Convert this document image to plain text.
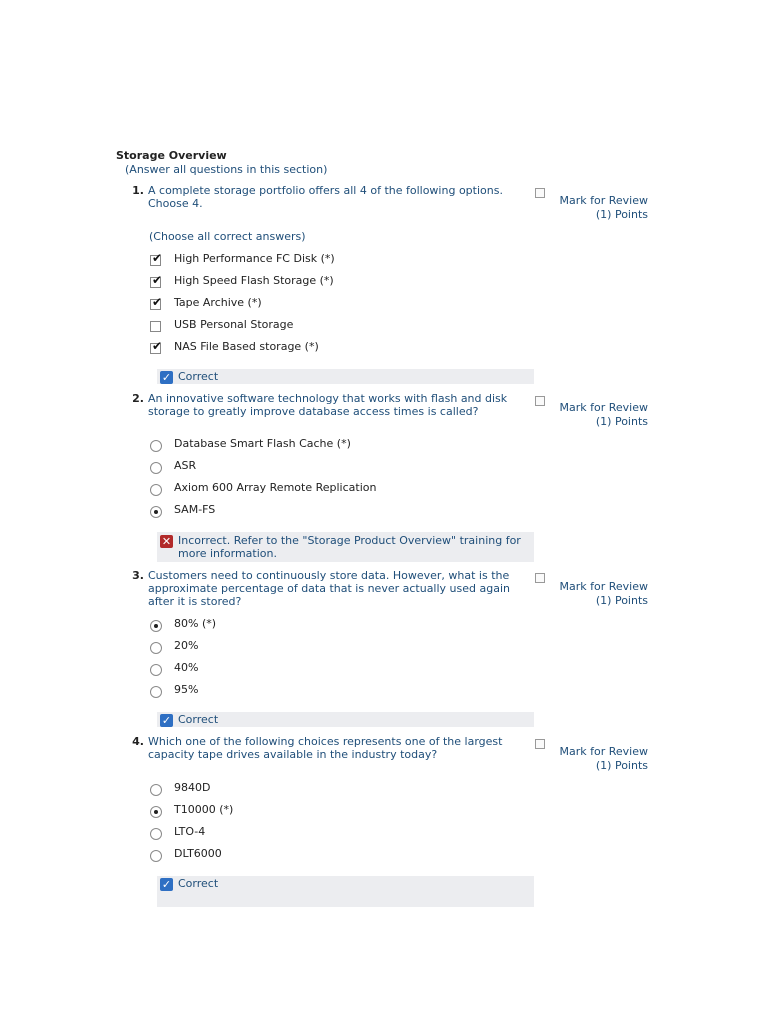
Storage Overview
(Answer all questions in this section)
1. A complete storage portfolio offers all 4 of the following options. Choose 4.	Mark for Review
(1) Points
(Choose all correct answers)
✔ High Performance FC Disk (*)
✔ High Speed Flash Storage (*)
✔ Tape Archive (*)
USB Personal Storage
✔ NAS File Based storage (*)
✓ Correct
2. An innovative software technology that works with flash and disk storage to greatly improve database access times is called?	Mark for Review
(1) Points
Database Smart Flash Cache (*)
ASR
Axiom 600 Array Remote Replication
SAM-FS
✕ Incorrect. Refer to the "Storage Product Overview" training for more information.
3. Customers need to continuously store data. However, what is the approximate percentage of data that is never actually used again after it is stored?
Mark for Review
(1) Points
80% (*)
20%
40%
95%
✓ Correct
4. Which one of the following choices represents one of the largest capacity tape drives available in the industry today?	Mark for Review
(1) Points
9840D
T10000 (*)
LTO-4
DLT6000
✓ Correct
